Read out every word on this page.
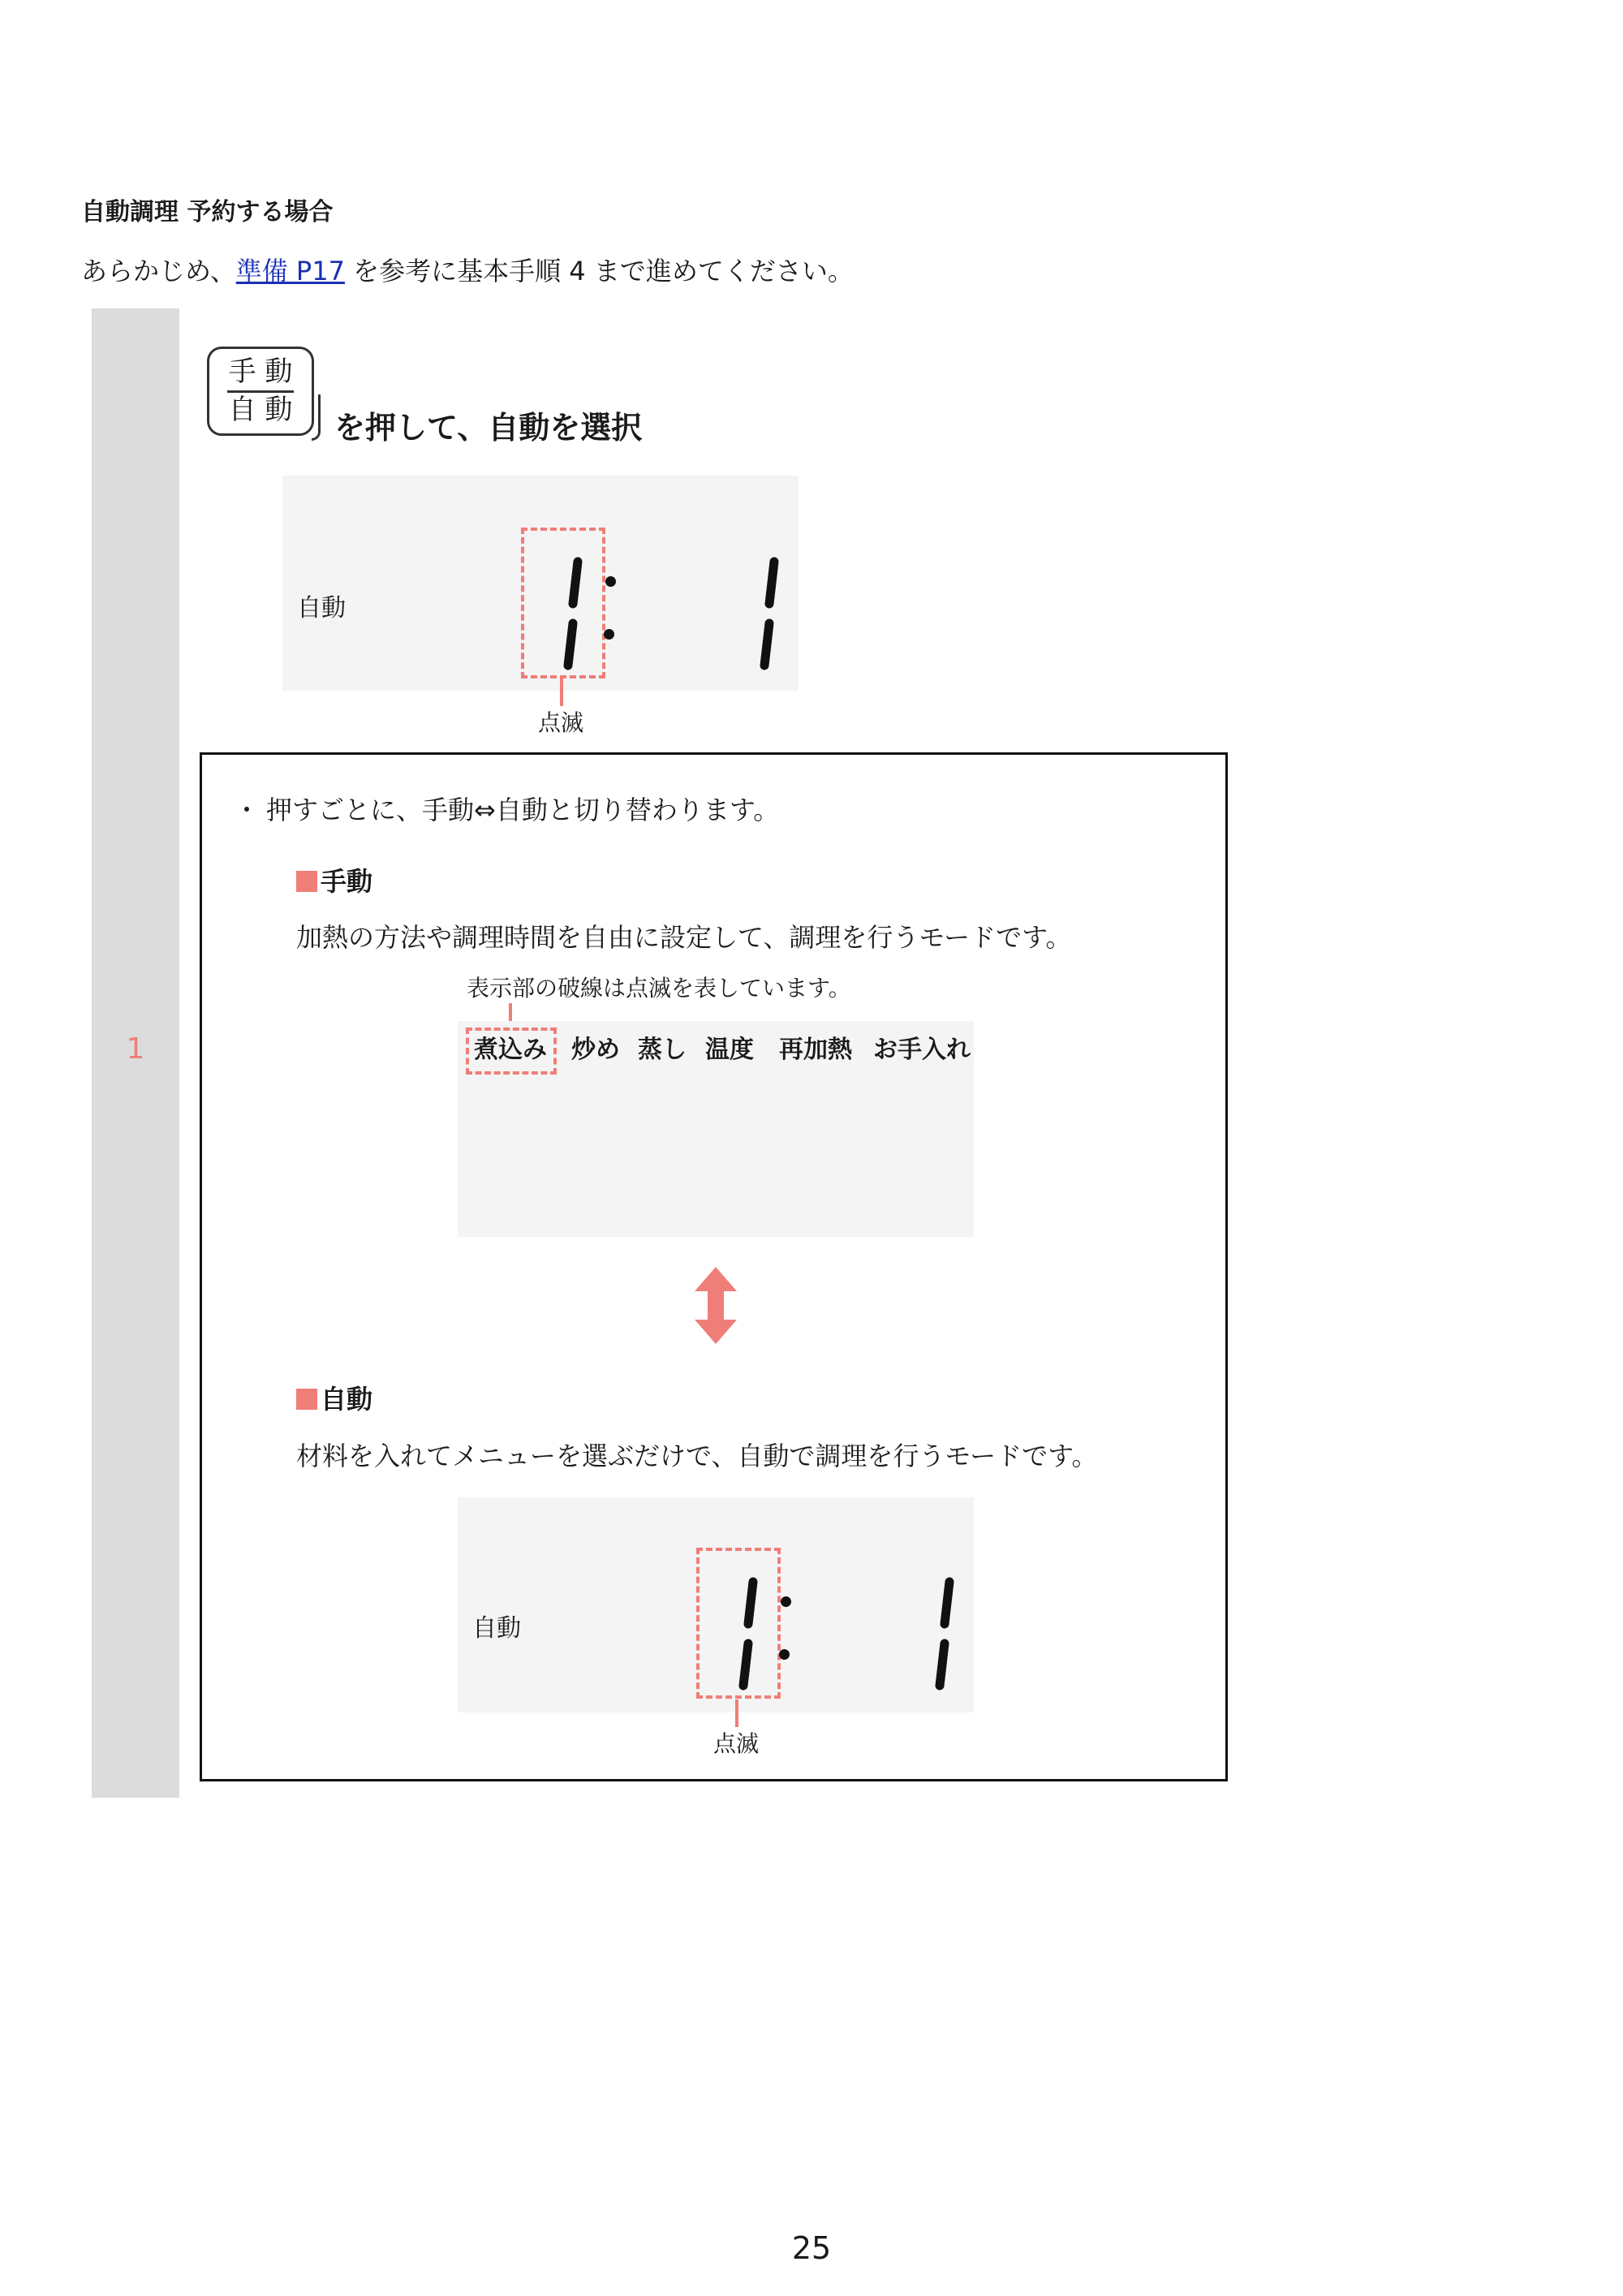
自動調理 予約する場合
あらかじめ、準備 P17 を参考に基本手順 4 まで進めてください。
1
手 動
自 動	を押して、自動を選択
自動
点滅
・ 押すごとに、手動⇔自動と切り替わります。
手動
加熱の方法や調理時間を自由に設定して、調理を行うモードです。
表示部の破線は点滅を表しています。
煮込み 炒め 蒸し 温度 再加熱 お手入れ
自動
材料を入れてメニューを選ぶだけで、自動で調理を行うモードです。
自動
点滅
25
